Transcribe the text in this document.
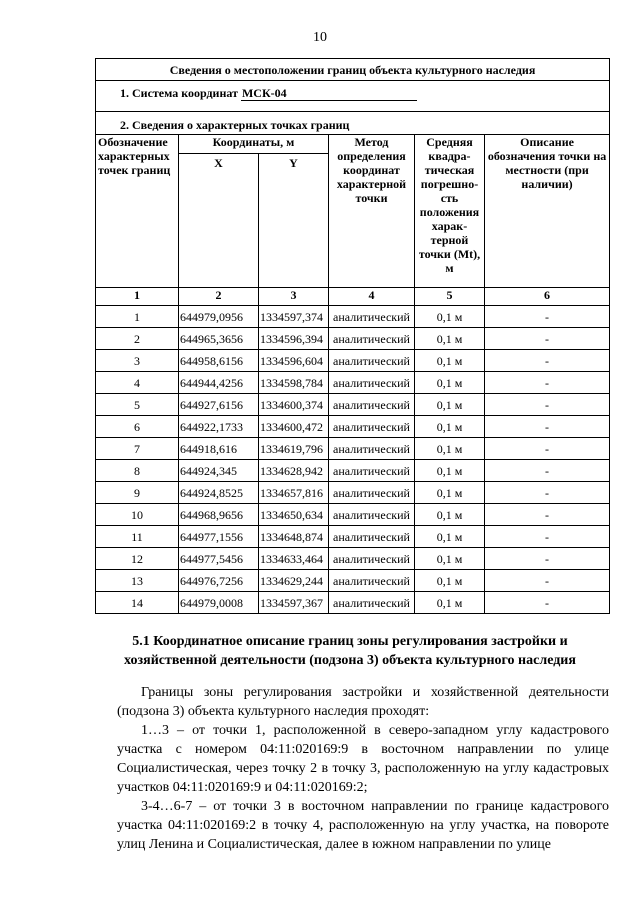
10
Сведения о местоположении границ объекта культурного наследия					
1. Система координат МСК-04					
2. Сведения о характерных точках границ					
Обозначение характерных точек границ	Координаты, м		Метод определения координат характерной точки	Средняя квадра-тическая погрешно-сть положения харак-терной точки (Mt), м	Описание обозначения точки на местности (при наличии)
	X	Y			
1	2	3	4	5	6
1	644979,0956	1334597,374	аналитический	0,1 м	-
2	644965,3656	1334596,394	аналитический	0,1 м	-
3	644958,6156	1334596,604	аналитический	0,1 м	-
4	644944,4256	1334598,784	аналитический	0,1 м	-
5	644927,6156	1334600,374	аналитический	0,1 м	-
6	644922,1733	1334600,472	аналитический	0,1 м	-
7	644918,616	1334619,796	аналитический	0,1 м	-
8	644924,345	1334628,942	аналитический	0,1 м	-
9	644924,8525	1334657,816	аналитический	0,1 м	-
10	644968,9656	1334650,634	аналитический	0,1 м	-
11	644977,1556	1334648,874	аналитический	0,1 м	-
12	644977,5456	1334633,464	аналитический	0,1 м	-
13	644976,7256	1334629,244	аналитический	0,1 м	-
14	644979,0008	1334597,367	аналитический	0,1 м	-
5.1 Координатное описание границ зоны регулирования застройки и хозяйственной деятельности (подзона 3) объекта культурного наследия

Границы зоны регулирования застройки и хозяйственной деятельности (подзона 3) объекта культурного наследия проходят:

1…3 – от точки 1, расположенной в северо-западном углу кадастрового участка с номером 04:11:020169:9 в восточном направлении по улице Социалистическая, через точку 2 в точку 3, расположенную на углу кадастровых участков 04:11:020169:9 и 04:11:020169:2;

3-4…6-7 – от точки 3 в восточном направлении по границе кадастрового участка 04:11:020169:2 в точку 4, расположенную на углу участка, на повороте улиц Ленина и Социалистическая, далее в южном направлении по улице
